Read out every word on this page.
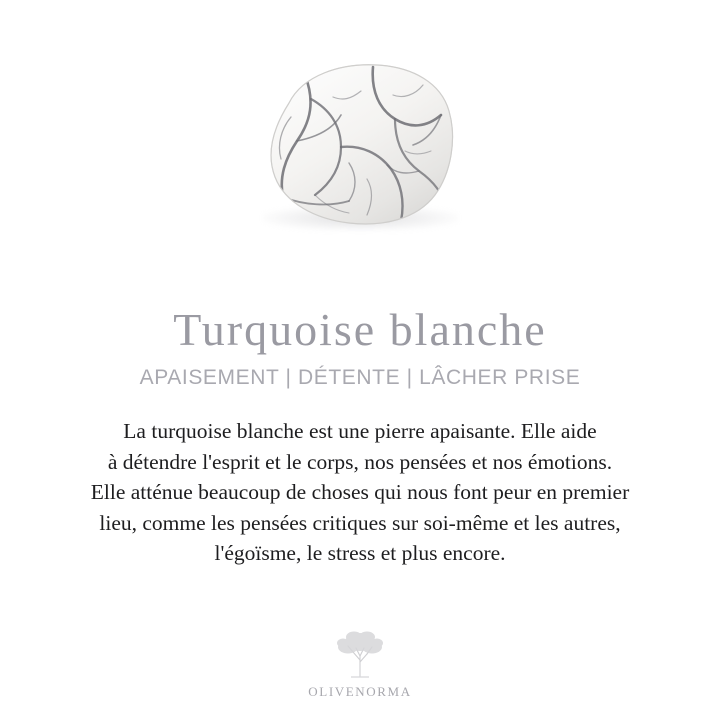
Turquoise blanche
APAISEMENT | DÉTENTE | LÂCHER PRISE
La turquoise blanche est une pierre apaisante. Elle aide
à détendre l'esprit et le corps, nos pensées et nos émotions.
Elle atténue beaucoup de choses qui nous font peur en premier
lieu, comme les pensées critiques sur soi-même et les autres,
l'égoïsme, le stress et plus encore.
OLIVENORMA
